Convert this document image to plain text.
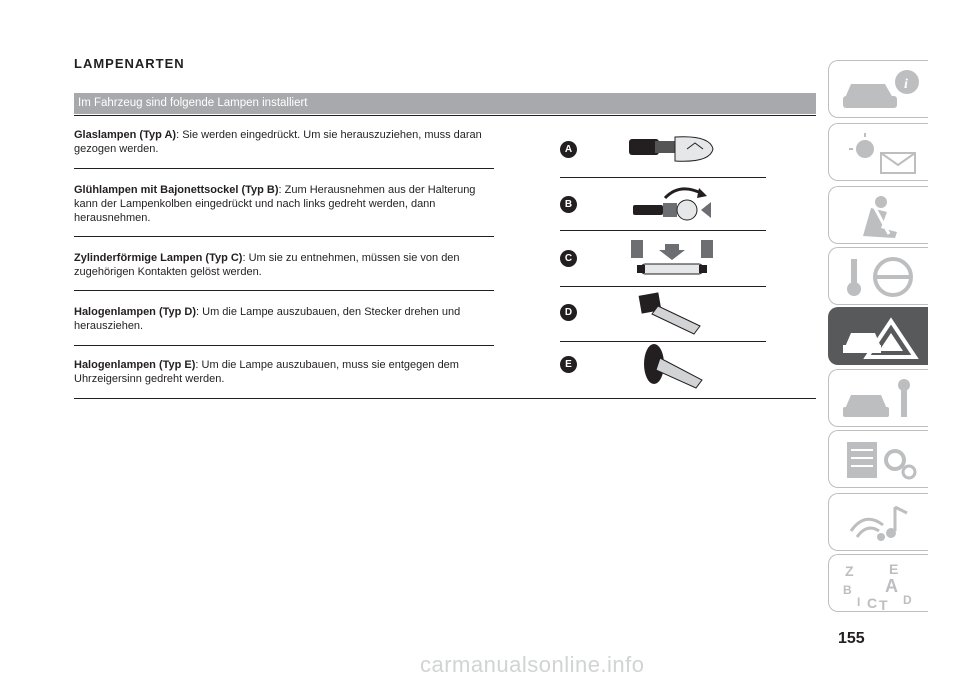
LAMPENARTEN
Im Fahrzeug sind folgende Lampen installiert
Glaslampen (Typ A): Sie werden eingedrückt. Um sie herauszuziehen, muss daran gezogen werden.
Glühlampen mit Bajonettsockel (Typ B): Zum Herausnehmen aus der Halterung kann der Lampenkolben eingedrückt und nach links gedreht werden, dann herausnehmen.
Zylinderförmige Lampen (Typ C): Um sie zu entnehmen, müssen sie von den zugehörigen Kontakten gelöst werden.
Halogenlampen (Typ D): Um die Lampe auszubauen, den Stecker drehen und herausziehen.
Halogenlampen (Typ E): Um die Lampe auszubauen, muss sie entgegen dem Uhrzeigersinn gedreht werden.
A
B
C
D
E
i
Z	E
B A
I C T D
155
carmanualsonline.info
